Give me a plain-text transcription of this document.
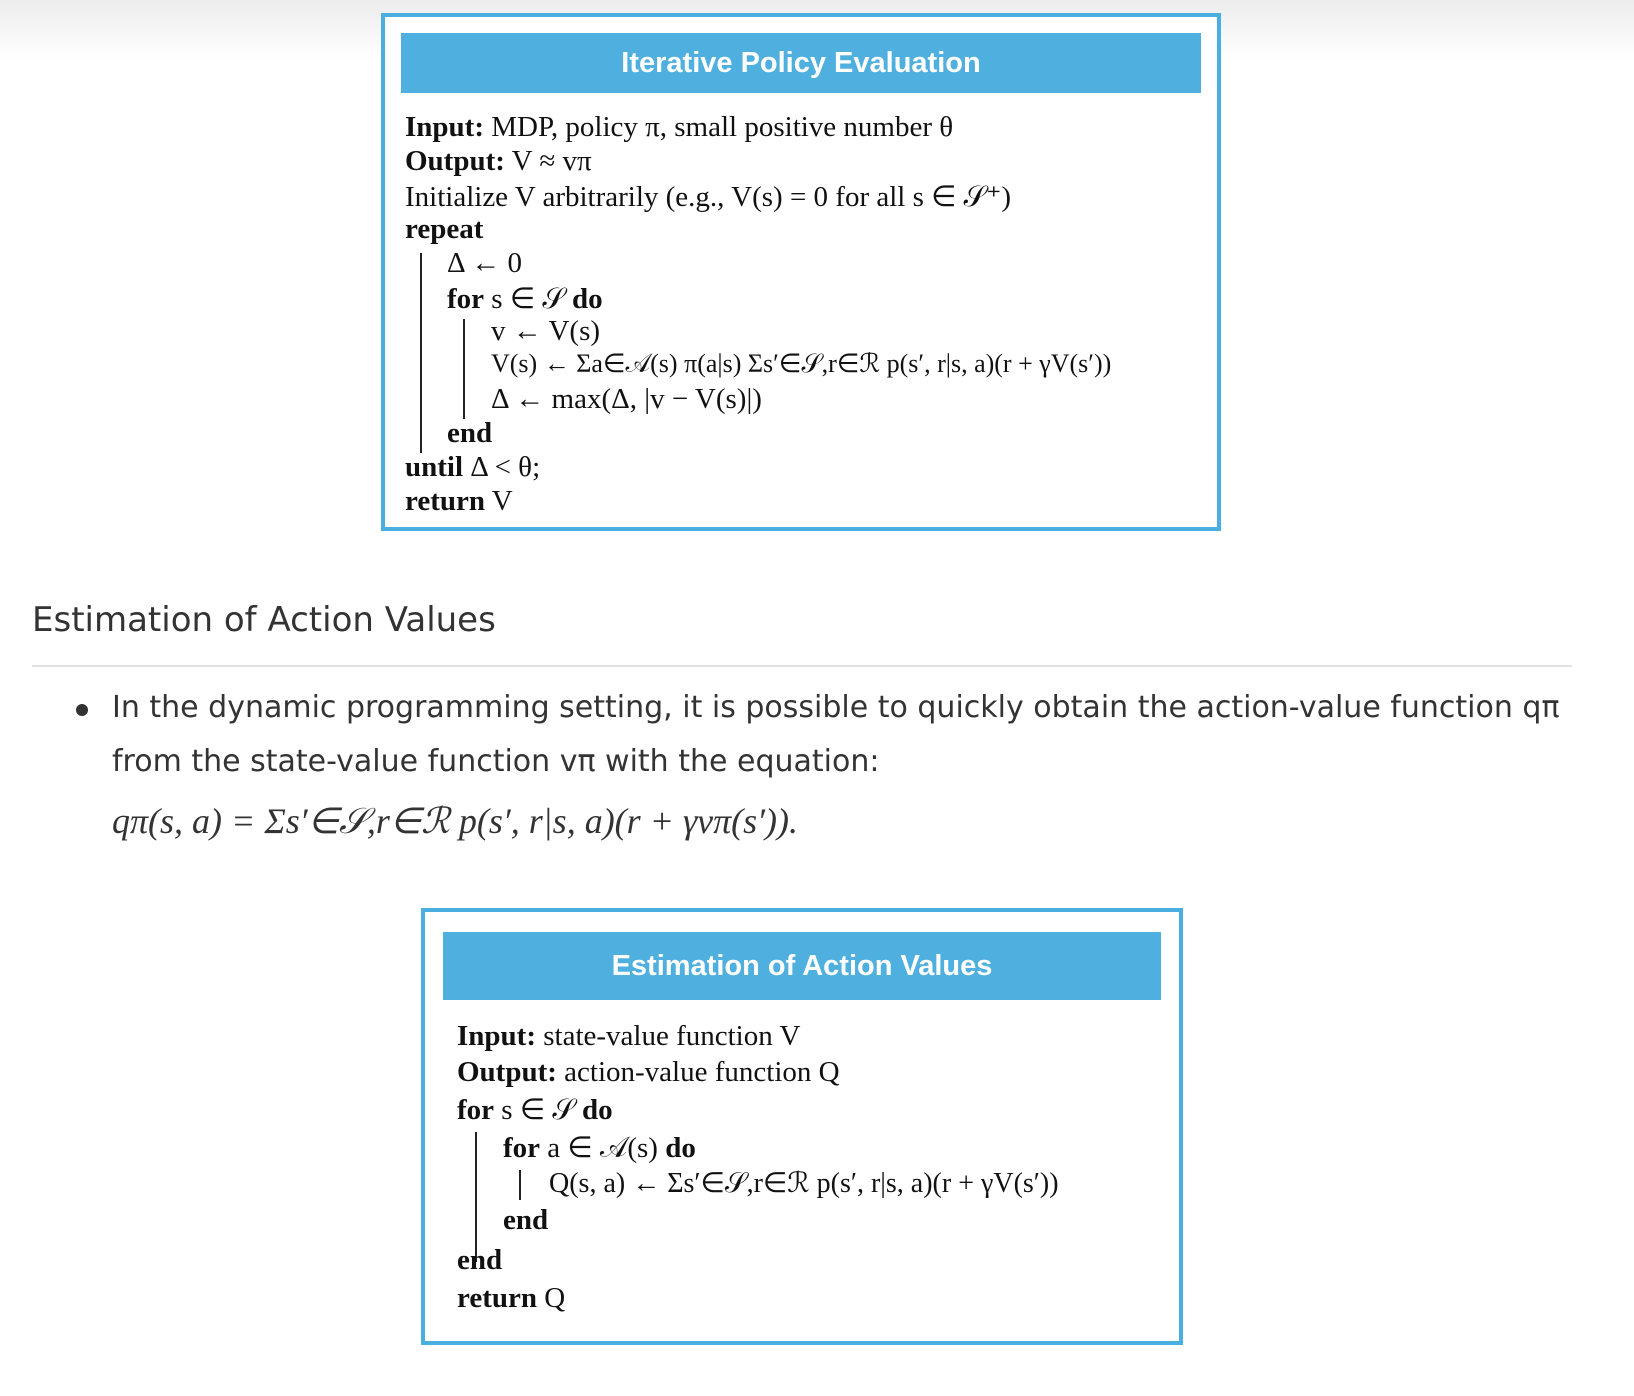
Iterative Policy Evaluation
Input: MDP, policy π, small positive number θ
Output: V ≈ vπ
Initialize V arbitrarily (e.g., V(s) = 0 for all s ∈ 𝒮⁺)
repeat
Δ ← 0
for s ∈ 𝒮 do
v ← V(s)
V(s) ← Σa∈𝒜(s) π(a|s) Σs′∈𝒮,r∈ℛ p(s′, r|s, a)(r + γV(s′))
Δ ← max(Δ, |v − V(s)|)
end
until Δ < θ;
return V
Estimation of Action Values
In the dynamic programming setting, it is possible to quickly obtain the action-value function qπ
from the state-value function vπ with the equation:
qπ(s, a) = Σs′∈𝒮,r∈ℛ p(s′, r|s, a)(r + γvπ(s′)).
Estimation of Action Values
Input: state-value function V
Output: action-value function Q
for s ∈ 𝒮 do
for a ∈ 𝒜(s) do
Q(s, a) ← Σs′∈𝒮,r∈ℛ p(s′, r|s, a)(r + γV(s′))
end
end
return Q
